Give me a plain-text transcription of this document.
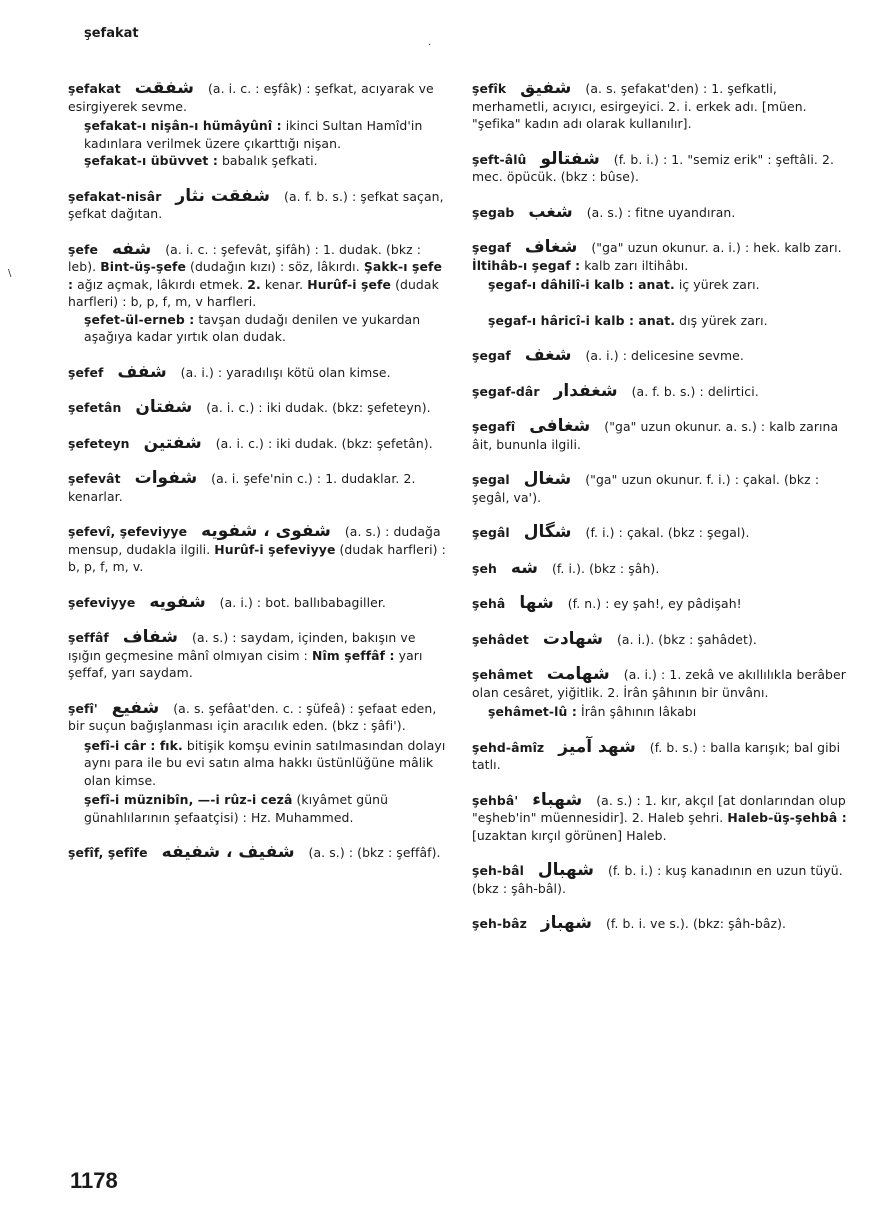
şefakat
şefakat شفقت (a. i. c. : eşfâk) : şefkat, acıyarak ve esirgiyerek sevme.
şefakat-ı nişân-ı hümâyûnî : ikinci Sultan Hamîd'in kadınlara verilmek üzere çıkarttığı nişan.
şefakat-ı übüvvet : babalık şefkati.
şefakat-nisâr شفقت نثار (a. f. b. s.) : şefkat saçan, şefkat dağıtan.
şefe شفه (a. i. c. : şefevât, şifâh) : 1. dudak. (bkz : leb). Bint-üş-şefe (dudağın kızı) : söz, lâkırdı. Şakk-ı şefe : ağız açmak, lâkırdı etmek. 2. kenar. Hurûf-i şefe (dudak harfleri) : b, p, f, m, v harfleri.
şefet-ül-erneb : tavşan dudağı denilen ve yukardan aşağıya kadar yırtık olan dudak.
şefef شفف (a. i.) : yaradılışı kötü olan kimse.
şefetân شفتان (a. i. c.) : iki dudak. (bkz: şefeteyn).
şefeteyn شفتين (a. i. c.) : iki dudak. (bkz: şefetân).
şefevât شفوات (a. i. şefe'nin c.) : 1. dudaklar. 2. kenarlar.
şefevî, şefeviyye شفوى ، شفويه (a. s.) : dudağa mensup, dudakla ilgili. Hurûf-i şefeviyye (dudak harfleri) : b, p, f, m, v.
şefeviyye شفويه (a. i.) : bot. ballıbabagiller.
şeffâf شفاف (a. s.) : saydam, içinden, bakışın ve ışığın geçmesine mânî olmıyan cisim : Nîm şeffâf : yarı şeffaf, yarı saydam.
şefî' شفيع (a. s. şefâat'den. c. : şüfeâ) : şefaat eden, bir suçun bağışlanması için aracılık eden. (bkz : şâfi').
şefî-i câr : fık. bitişik komşu evinin satılmasından dolayı aynı para ile bu evi satın alma hakkı üstünlüğüne mâlik olan kimse.
şefî-i müznibîn, —-i rûz-i cezâ (kıyâmet günü günahlılarının şefaatçisi) : Hz. Muhammed.
şefîf, şefîfe شفيف ، شفيفه (a. s.) : (bkz : şeffâf).
şefîk شفيق (a. s. şefakat'den) : 1. şefkatli, merhametli, acıyıcı, esirgeyici. 2. i. erkek adı. [müen. "şefika" kadın adı olarak kullanılır].
şeft-âlû شفتالو (f. b. i.) : 1. "semiz erik" : şeftâli. 2. mec. öpücük. (bkz : bûse).
şegab شغب (a. s.) : fitne uyandıran.
şegaf شغاف ("ga" uzun okunur. a. i.) : hek. kalb zarı. İltihâb-ı şegaf : kalb zarı iltihâbı.
şegaf-ı dâhilî-i kalb : anat. iç yürek zarı.
şegaf-ı hâricî-i kalb : anat. dış yürek zarı.
şegaf شغف (a. i.) : delicesine sevme.
şegaf-dâr شغفدار (a. f. b. s.) : delirtici.
şegafî شغافى ("ga" uzun okunur. a. s.) : kalb zarına âit, bununla ilgili.
şegal شغال ("ga" uzun okunur. f. i.) : çakal. (bkz : şegâl, va').
şegâl شگال (f. i.) : çakal. (bkz : şegal).
şeh شه (f. i.). (bkz : şâh).
şehâ شها (f. n.) : ey şah!, ey pâdişah!
şehâdet شهادت (a. i.). (bkz : şahâdet).
şehâmet شهامت (a. i.) : 1. zekâ ve akıllılıkla berâber olan cesâret, yiğitlik. 2. İrân şâhının bir ünvânı.
şehâmet-lû : İrân şâhının lâkabı
şehd-âmîz شهد آميز (f. b. s.) : balla karışık; bal gibi tatlı.
şehbâ' شهباء (a. s.) : 1. kır, akçıl [at donlarından olup "eşheb'in" müennesidir]. 2. Haleb şehri. Haleb-üş-şehbâ : [uzaktan kırçıl görünen] Haleb.
şeh-bâl شهبال (f. b. i.) : kuş kanadının en uzun tüyü. (bkz : şâh-bâl).
şeh-bâz شهباز (f. b. i. ve s.). (bkz: şâh-bâz).
1178
\
·
